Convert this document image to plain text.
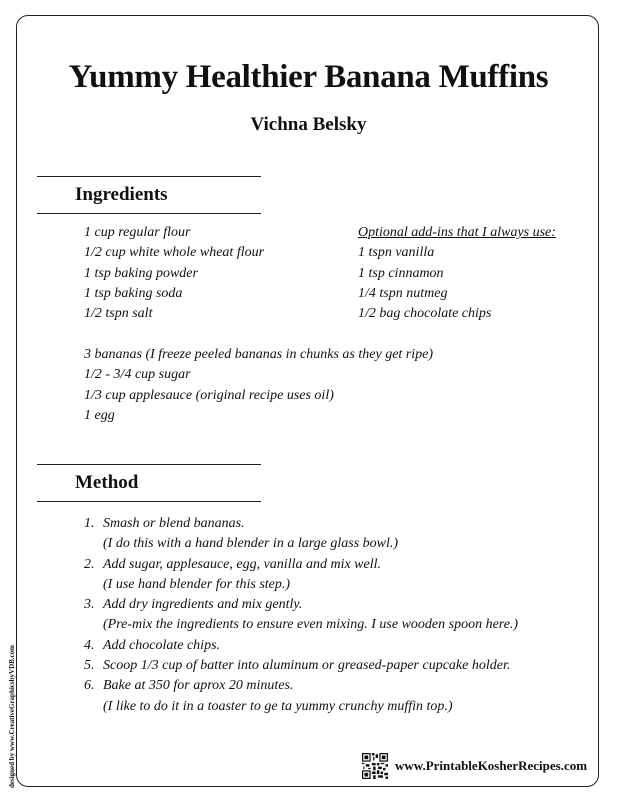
Yummy Healthier Banana Muffins
Vichna Belsky
Ingredients
1 cup regular flour
1/2 cup white whole wheat flour
1 tsp baking powder
1 tsp baking soda
1/2 tspn salt
Optional add-ins that I always use:
1 tspn vanilla
1 tsp cinnamon
1/4 tspn nutmeg
1/2 bag chocolate chips
3 bananas (I freeze peeled bananas in chunks as they get ripe)
1/2 - 3/4 cup sugar
1/3 cup applesauce (original recipe uses oil)
1 egg
Method
1. Smash or blend bananas.
(I do this with a hand blender in a large glass bowl.)
2. Add sugar, applesauce, egg, vanilla and mix well.
(I use hand blender for this step.)
3. Add dry ingredients and mix gently.
(Pre-mix the ingredients to ensure even mixing. I use wooden spoon here.)
4. Add chocolate chips.
5. Scoop 1/3 cup of batter into aluminum or greased-paper cupcake holder.
6. Bake at 350 for aprox 20 minutes.
(I like to do it in a toaster to ge ta yummy crunchy muffin top.)
designed by www.CreativeGraphicsbyVDB.com	www.PrintableKosherRecipes.com
